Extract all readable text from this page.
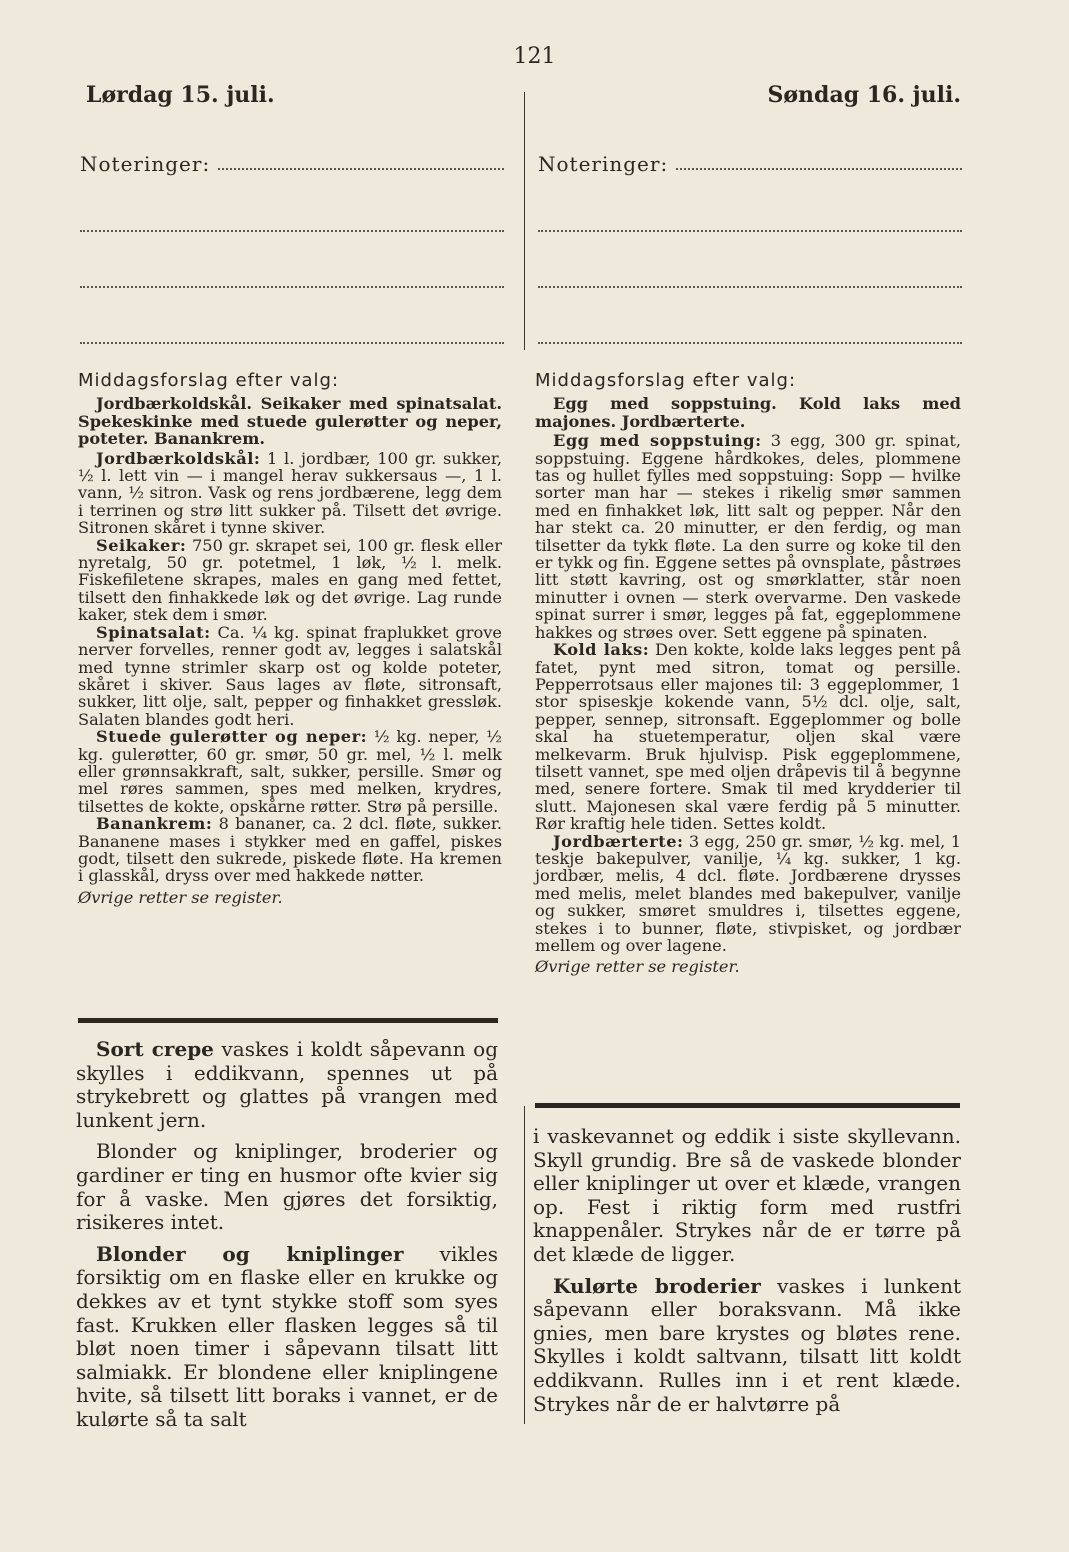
121
Lørdag 15. juli.	Søndag 16. juli.
Noteringer:	Noteringer:
Middagsforslag efter valg:

Jordbærkoldskål. Seikaker med spinatsalat. Spekeskinke med stuede gulerøtter og neper, poteter. Banankrem.

Jordbærkoldskål: 1 l. jordbær, 100 gr. sukker, ½ l. lett vin — i mangel herav sukkersaus —, 1 l. vann, ½ sitron. Vask og rens jordbærene, legg dem i terrinen og strø litt sukker på. Tilsett det øvrige. Sitronen skåret i tynne skiver.

Seikaker: 750 gr. skrapet sei, 100 gr. flesk eller nyretalg, 50 gr. potetmel, 1 løk, ½ l. melk. Fiskefiletene skrapes, males en gang med fettet, tilsett den finhakkede løk og det øvrige. Lag runde kaker, stek dem i smør.

Spinatsalat: Ca. ¼ kg. spinat fraplukket grove nerver forvelles, renner godt av, legges i salatskål med tynne strimler skarp ost og kolde poteter, skåret i skiver. Saus lages av fløte, sitronsaft, sukker, litt olje, salt, pepper og finhakket gressløk. Salaten blandes godt heri.

Stuede gulerøtter og neper: ½ kg. neper, ½ kg. gulerøtter, 60 gr. smør, 50 gr. mel, ½ l. melk eller grønnsakkraft, salt, sukker, persille. Smør og mel røres sammen, spes med melken, krydres, tilsettes de kokte, opskårne røtter. Strø på persille.

Banankrem: 8 bananer, ca. 2 dcl. fløte, sukker. Bananene mases i stykker med en gaffel, piskes godt, tilsett den sukrede, piskede fløte. Ha kremen i glasskål, dryss over med hakkede nøtter.

Øvrige retter se register.

Middagsforslag efter valg:

Egg med soppstuing. Kold laks med majones. Jordbærterte.

Egg med soppstuing: 3 egg, 300 gr. spinat, soppstuing. Eggene hårdkokes, deles, plommene tas og hullet fylles med soppstuing: Sopp — hvilke sorter man har — stekes i rikelig smør sammen med en finhakket løk, litt salt og pepper. Når den har stekt ca. 20 minutter, er den ferdig, og man tilsetter da tykk fløte. La den surre og koke til den er tykk og fin. Eggene settes på ovnsplate, påstrøes litt støtt kavring, ost og smørklatter, står noen minutter i ovnen — sterk overvarme. Den vaskede spinat surrer i smør, legges på fat, eggeplommene hakkes og strøes over. Sett eggene på spinaten.

Kold laks: Den kokte, kolde laks legges pent på fatet, pynt med sitron, tomat og persille. Pepperrotsaus eller majones til: 3 eggeplommer, 1 stor spiseskje kokende vann, 5½ dcl. olje, salt, pepper, sennep, sitronsaft. Eggeplommer og bolle skal ha stuetemperatur, oljen skal være melkevarm. Bruk hjulvisp. Pisk eggeplommene, tilsett vannet, spe med oljen dråpevis til å begynne med, senere fortere. Smak til med krydderier til slutt. Majonesen skal være ferdig på 5 minutter. Rør kraftig hele tiden. Settes koldt.

Jordbærterte: 3 egg, 250 gr. smør, ½ kg. mel, 1 teskje bakepulver, vanilje, ¼ kg. sukker, 1 kg. jordbær, melis, 4 dcl. fløte. Jordbærene drysses med melis, melet blandes med bakepulver, vanilje og sukker, smøret smuldres i, tilsettes eggene, stekes i to bunner, fløte, stivpisket, og jordbær mellem og over lagene.

Øvrige retter se register.

Sort crepe vaskes i koldt såpevann og skylles i eddikvann, spennes ut på strykebrett og glattes på vrangen med lunkent jern.

Blonder og kniplinger, broderier og gardiner er ting en husmor ofte kvier sig for å vaske. Men gjøres det forsiktig, risikeres intet.

Blonder og kniplinger vikles forsiktig om en flaske eller en krukke og dekkes av et tynt stykke stoff som syes fast. Krukken eller flasken legges så til bløt noen timer i såpevann tilsatt litt salmiakk. Er blondene eller kniplingene hvite, så tilsett litt boraks i vannet, er de kulørte så ta salt

i vaskevannet og eddik i siste skyllevann. Skyll grundig. Bre så de vaskede blonder eller kniplinger ut over et klæde, vrangen op. Fest i riktig form med rustfri knappenåler. Strykes når de er tørre på det klæde de ligger.

Kulørte broderier vaskes i lunkent såpevann eller boraksvann. Må ikke gnies, men bare krystes og bløtes rene. Skylles i koldt saltvann, tilsatt litt koldt eddikvann. Rulles inn i et rent klæde. Strykes når de er halvtørre på
